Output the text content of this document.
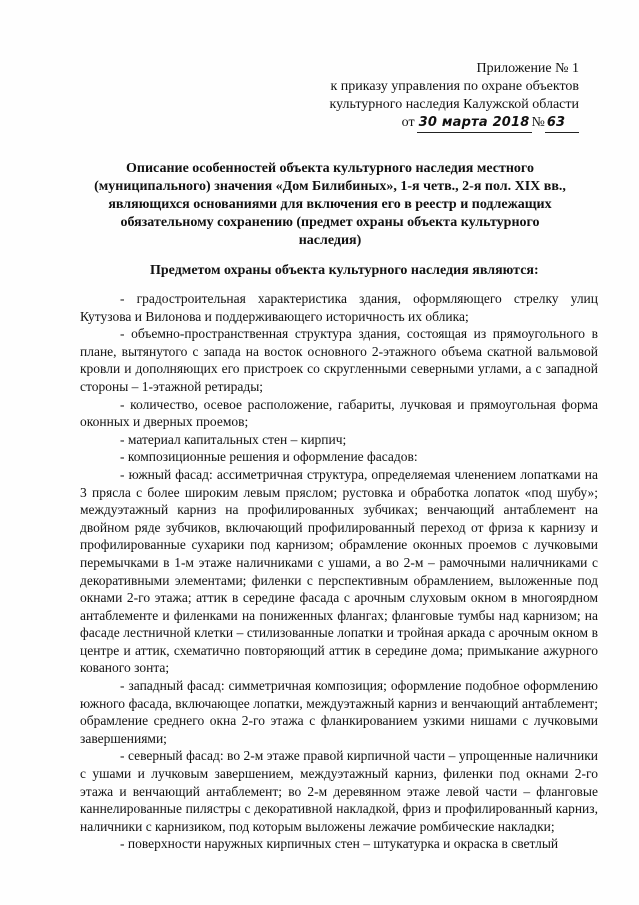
Приложение № 1
к приказу управления по охране объектов
культурного наследия Калужской области
от 30 марта 2018 № 63
Описание особенностей объекта культурного наследия местного (муниципального) значения «Дом Билибиных», 1-я четв., 2-я пол. XIX вв., являющихся основаниями для включения его в реестр и подлежащих обязательному сохранению (предмет охраны объекта культурного наследия)
Предметом охраны объекта культурного наследия являются:

- градостроительная характеристика здания, оформляющего стрелку улиц Кутузова и Вилонова и поддерживающего историчность их облика;

- объемно-пространственная структура здания, состоящая из прямоугольного в плане, вытянутого с запада на восток основного 2-этажного объема скатной вальмовой кровли и дополняющих его пристроек со скругленными северными углами, а с западной стороны – 1-этажной ретирады;

- количество, осевое расположение, габариты, лучковая и прямоугольная форма оконных и дверных проемов;

- материал капитальных стен – кирпич;

- композиционные решения и оформление фасадов:

- южный фасад: ассиметричная структура, определяемая членением лопатками на 3 прясла с более широким левым пряслом; рустовка и обработка лопаток «под шубу»; междуэтажный карниз на профилированных зубчиках; венчающий антаблемент на двойном ряде зубчиков, включающий профилированный переход от фриза к карнизу и профилированные сухарики под карнизом; обрамление оконных проемов с лучковыми перемычками в 1-м этаже наличниками с ушами, а во 2-м – рамочными наличниками с декоративными элементами; филенки с перспективным обрамлением, выложенные под окнами 2-го этажа; аттик в середине фасада с арочным слуховым окном в многоярдном антаблементе и филенками на пониженных флангах; фланговые тумбы над карнизом; на фасаде лестничной клетки – стилизованные лопатки и тройная аркада с арочным окном в центре и аттик, схематично повторяющий аттик в середине дома; примыкание ажурного кованого зонта;

- западный фасад: симметричная композиция; оформление подобное оформлению южного фасада, включающее лопатки, междуэтажный карниз и венчающий антаблемент; обрамление среднего окна 2-го этажа с фланкированием узкими нишами с лучковыми завершениями;

- северный фасад: во 2-м этаже правой кирпичной части – упрощенные наличники с ушами и лучковым завершением, междуэтажный карниз, филенки под окнами 2-го этажа и венчающий антаблемент; во 2-м деревянном этаже левой части – фланговые каннелированные пилястры с декоративной накладкой, фриз и профилированный карниз, наличники с карнизиком, под которым выложены лежачие ромбические накладки;

- поверхности наружных кирпичных стен – штукатурка и окраска в светлый
